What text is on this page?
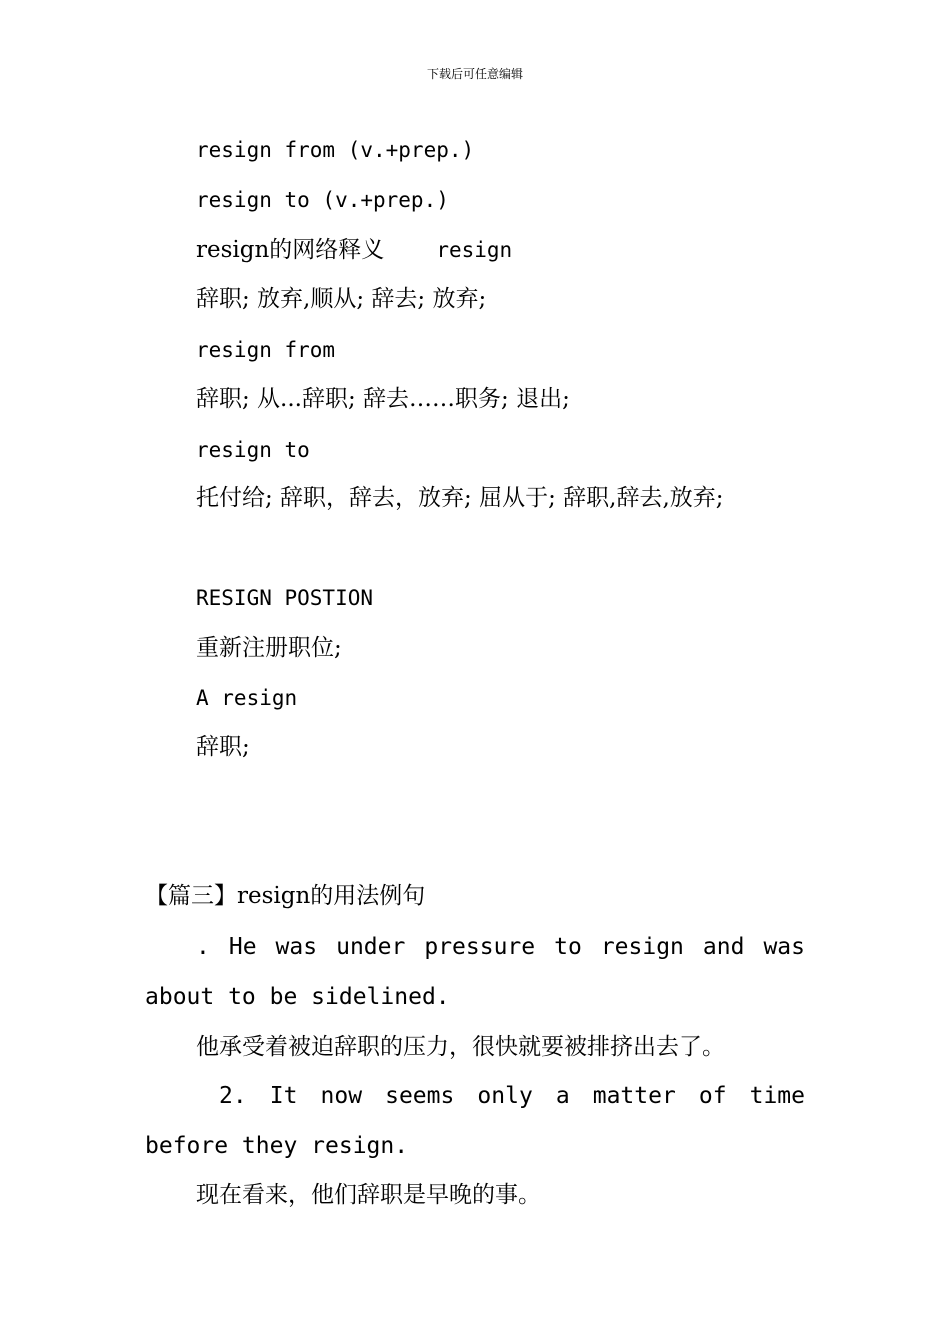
下载后可任意编辑
resign from (v.+prep.)
resign to (v.+prep.)
resign的网络释义 resign
辞职; 放弃,顺从; 辞去; 放弃;
resign from
辞职; 从...辞职; 辞去……职务; 退出;
resign to
托付给; 辞职，辞去，放弃; 屈从于; 辞职,辞去,放弃;
RESIGN POSTION
重新注册职位;
A resign
辞职;
【篇三】resign的用法例句
. He was under pressure to resign and was about to be sidelined.
他承受着被迫辞职的压力，很快就要被排挤出去了。
2. It now seems only a matter of time before they resign.
现在看来，他们辞职是早晚的事。
